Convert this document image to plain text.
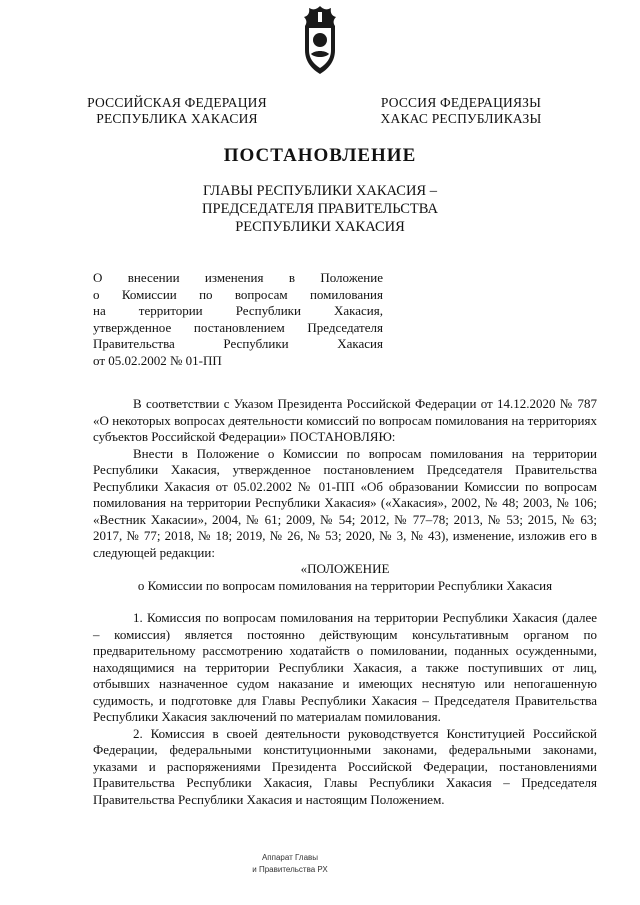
РОССИЙСКАЯ ФЕДЕРАЦИЯ
РЕСПУБЛИКА ХАКАСИЯ
РОССИЯ ФЕДЕРАЦИЯЗЫ
ХАКАС РЕСПУБЛИКАЗЫ
ПОСТАНОВЛЕНИЕ
ГЛАВЫ РЕСПУБЛИКИ ХАКАСИЯ –
ПРЕДСЕДАТЕЛЯ ПРАВИТЕЛЬСТВА
РЕСПУБЛИКИ ХАКАСИЯ
О внесении изменения в Положение
о Комиссии по вопросам помилования
на	территории	Республики	Хакасия,
утвержденное постановлением Председателя
Правительства	Республики	Хакасия
от 05.02.2002 № 01-ПП

В соответствии с Указом Президента Российской Федерации от 14.12.2020 № 787 «О некоторых вопросах деятельности комиссий по вопросам помилования на территориях субъектов Российской Федерации» ПОСТАНОВЛЯЮ:

Внести в Положение о Комиссии по вопросам помилования на территории Республики Хакасия, утвержденное постановлением Председателя Правительства Республики Хакасия от 05.02.2002 № 01-ПП «Об образовании Комиссии по вопросам помилования на территории Республики Хакасия» («Хакасия», 2002, № 48; 2003, № 106; «Вестник Хакасии», 2004, № 61; 2009, № 54; 2012, № 77–78; 2013, № 53; 2015, № 63; 2017, № 77; 2018, № 18; 2019, № 26, № 53; 2020, № 3, № 43), изменение, изложив его в следующей редакции:

«ПОЛОЖЕНИЕ

о Комиссии по вопросам помилования на территории Республики Хакасия

1. Комиссия по вопросам помилования на территории Республики Хакасия (далее – комиссия) является постоянно действующим консультативным органом по предварительному рассмотрению ходатайств о помиловании, поданных осужденными, находящимися на территории Республики Хакасия, а также поступивших от лиц, отбывших назначенное судом наказание и имеющих неснятую или непогашенную судимость, и подготовке для Главы Республики Хакасия – Председателя Правительства Республики Хакасия заключений по материалам помилования.

2. Комиссия в своей деятельности руководствуется Конституцией Российской Федерации, федеральными конституционными законами, федеральными законами, указами и распоряжениями Президента Российской Федерации, постановлениями Правительства Республики Хакасия, Главы Республики Хакасия – Председателя Правительства Республики Хакасия и настоящим Положением.

Аппарат Главы
и Правительства РХ
